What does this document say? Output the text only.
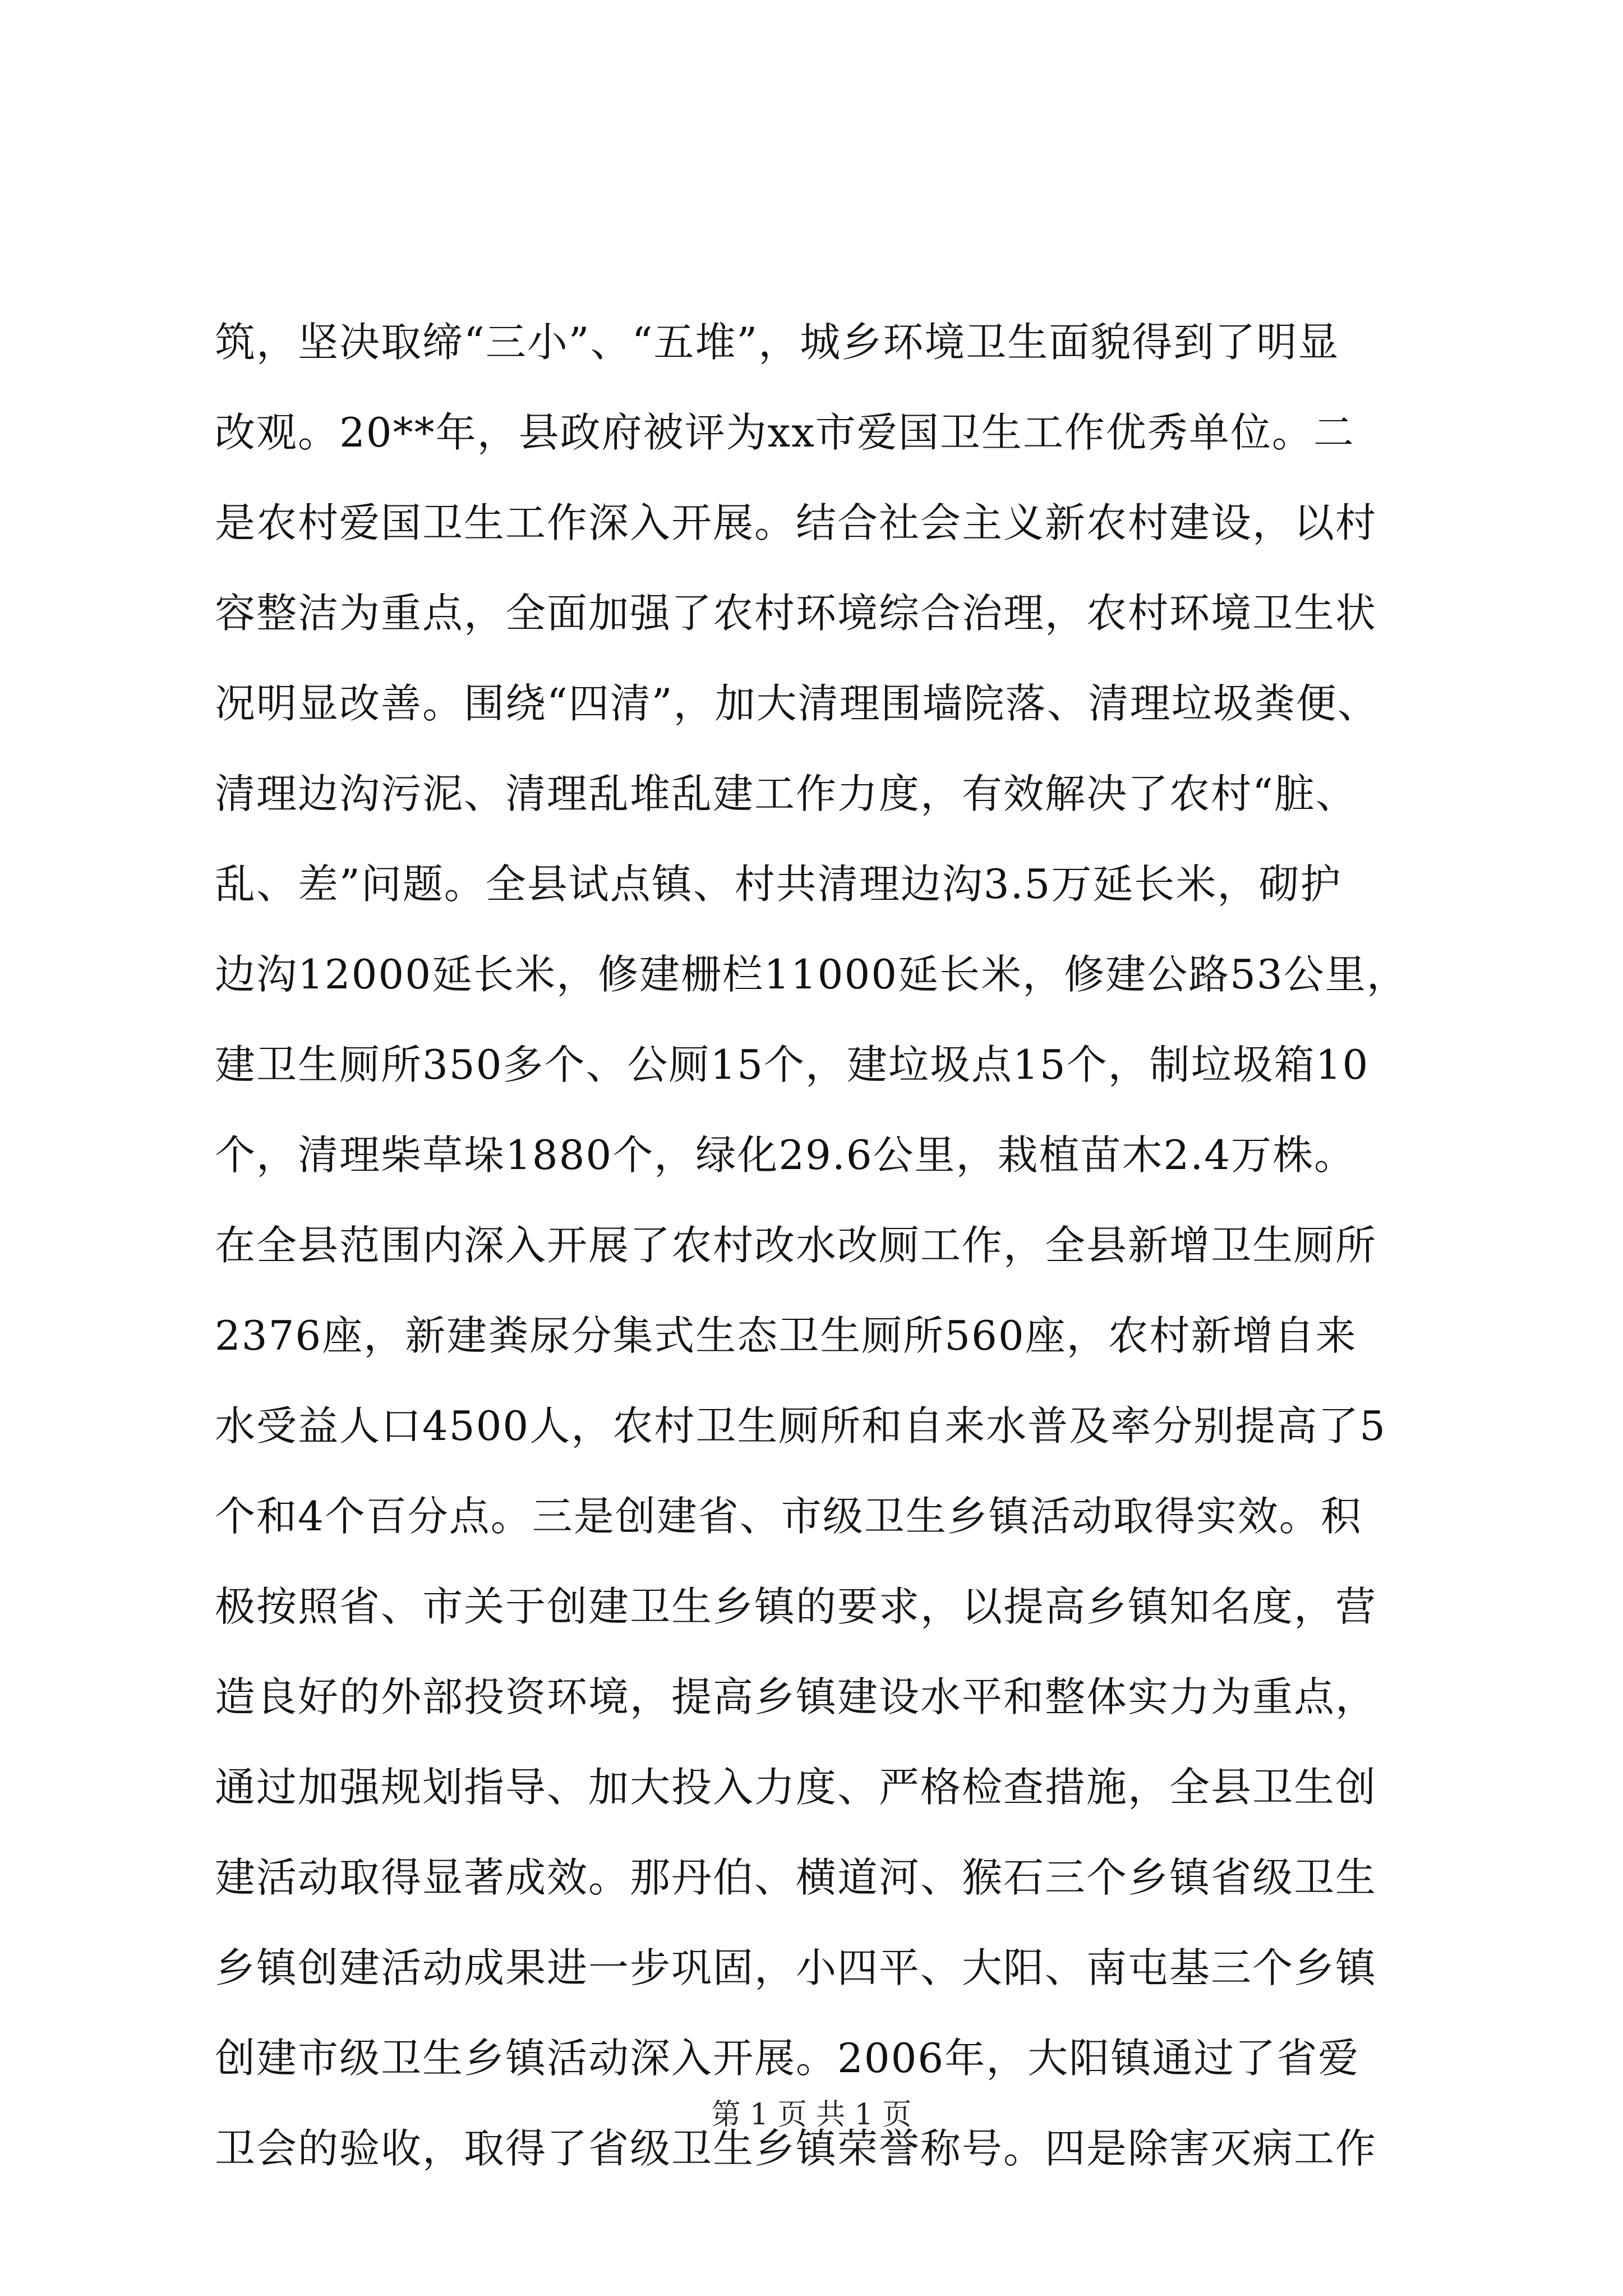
筑，坚决取缔“三小”、“五堆”，城乡环境卫生面貌得到了明显
改观。20**年，县政府被评为xx市爱国卫生工作优秀单位。二
是农村爱国卫生工作深入开展。结合社会主义新农村建设，以村
容整洁为重点，全面加强了农村环境综合治理，农村环境卫生状
况明显改善。围绕“四清”，加大清理围墙院落、清理垃圾粪便、
清理边沟污泥、清理乱堆乱建工作力度，有效解决了农村“脏、
乱、差”问题。全县试点镇、村共清理边沟3.5万延长米，砌护
边沟12000延长米，修建栅栏11000延长米，修建公路53公里，
建卫生厕所350多个、公厕15个，建垃圾点15个，制垃圾箱10
个，清理柴草垛1880个，绿化29.6公里，栽植苗木2.4万株。
在全县范围内深入开展了农村改水改厕工作，全县新增卫生厕所
2376座，新建粪尿分集式生态卫生厕所560座，农村新增自来
水受益人口4500人，农村卫生厕所和自来水普及率分别提高了5
个和4个百分点。三是创建省、市级卫生乡镇活动取得实效。积
极按照省、市关于创建卫生乡镇的要求，以提高乡镇知名度，营
造良好的外部投资环境，提高乡镇建设水平和整体实力为重点，
通过加强规划指导、加大投入力度、严格检查措施，全县卫生创
建活动取得显著成效。那丹伯、横道河、猴石三个乡镇省级卫生
乡镇创建活动成果进一步巩固，小四平、大阳、南屯基三个乡镇
创建市级卫生乡镇活动深入开展。2006年，大阳镇通过了省爱
卫会的验收，取得了省级卫生乡镇荣誉称号。四是除害灭病工作
第 1 页 共 1 页
